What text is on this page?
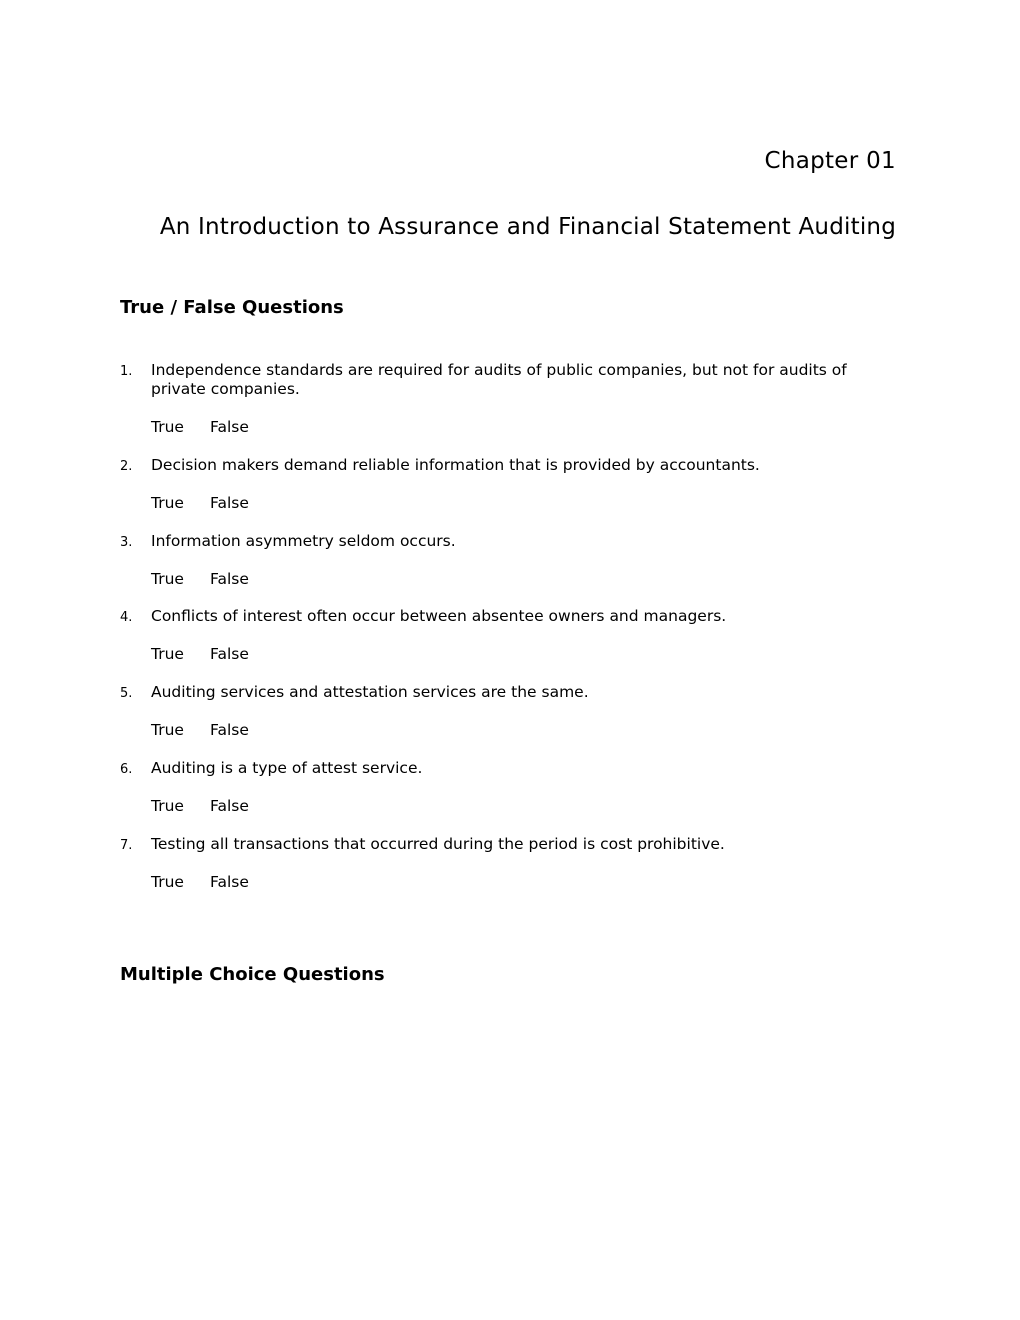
Chapter 01
An Introduction to Assurance and Financial Statement Auditing
True / False Questions
1. Independence standards are required for audits of public companies, but not for audits of private companies.
True False
2. Decision makers demand reliable information that is provided by accountants.
True False
3. Information asymmetry seldom occurs.
True False
4. Conflicts of interest often occur between absentee owners and managers.
True False
5. Auditing services and attestation services are the same.
True False
6. Auditing is a type of attest service.
True False
7. Testing all transactions that occurred during the period is cost prohibitive.
True False
Multiple Choice Questions
